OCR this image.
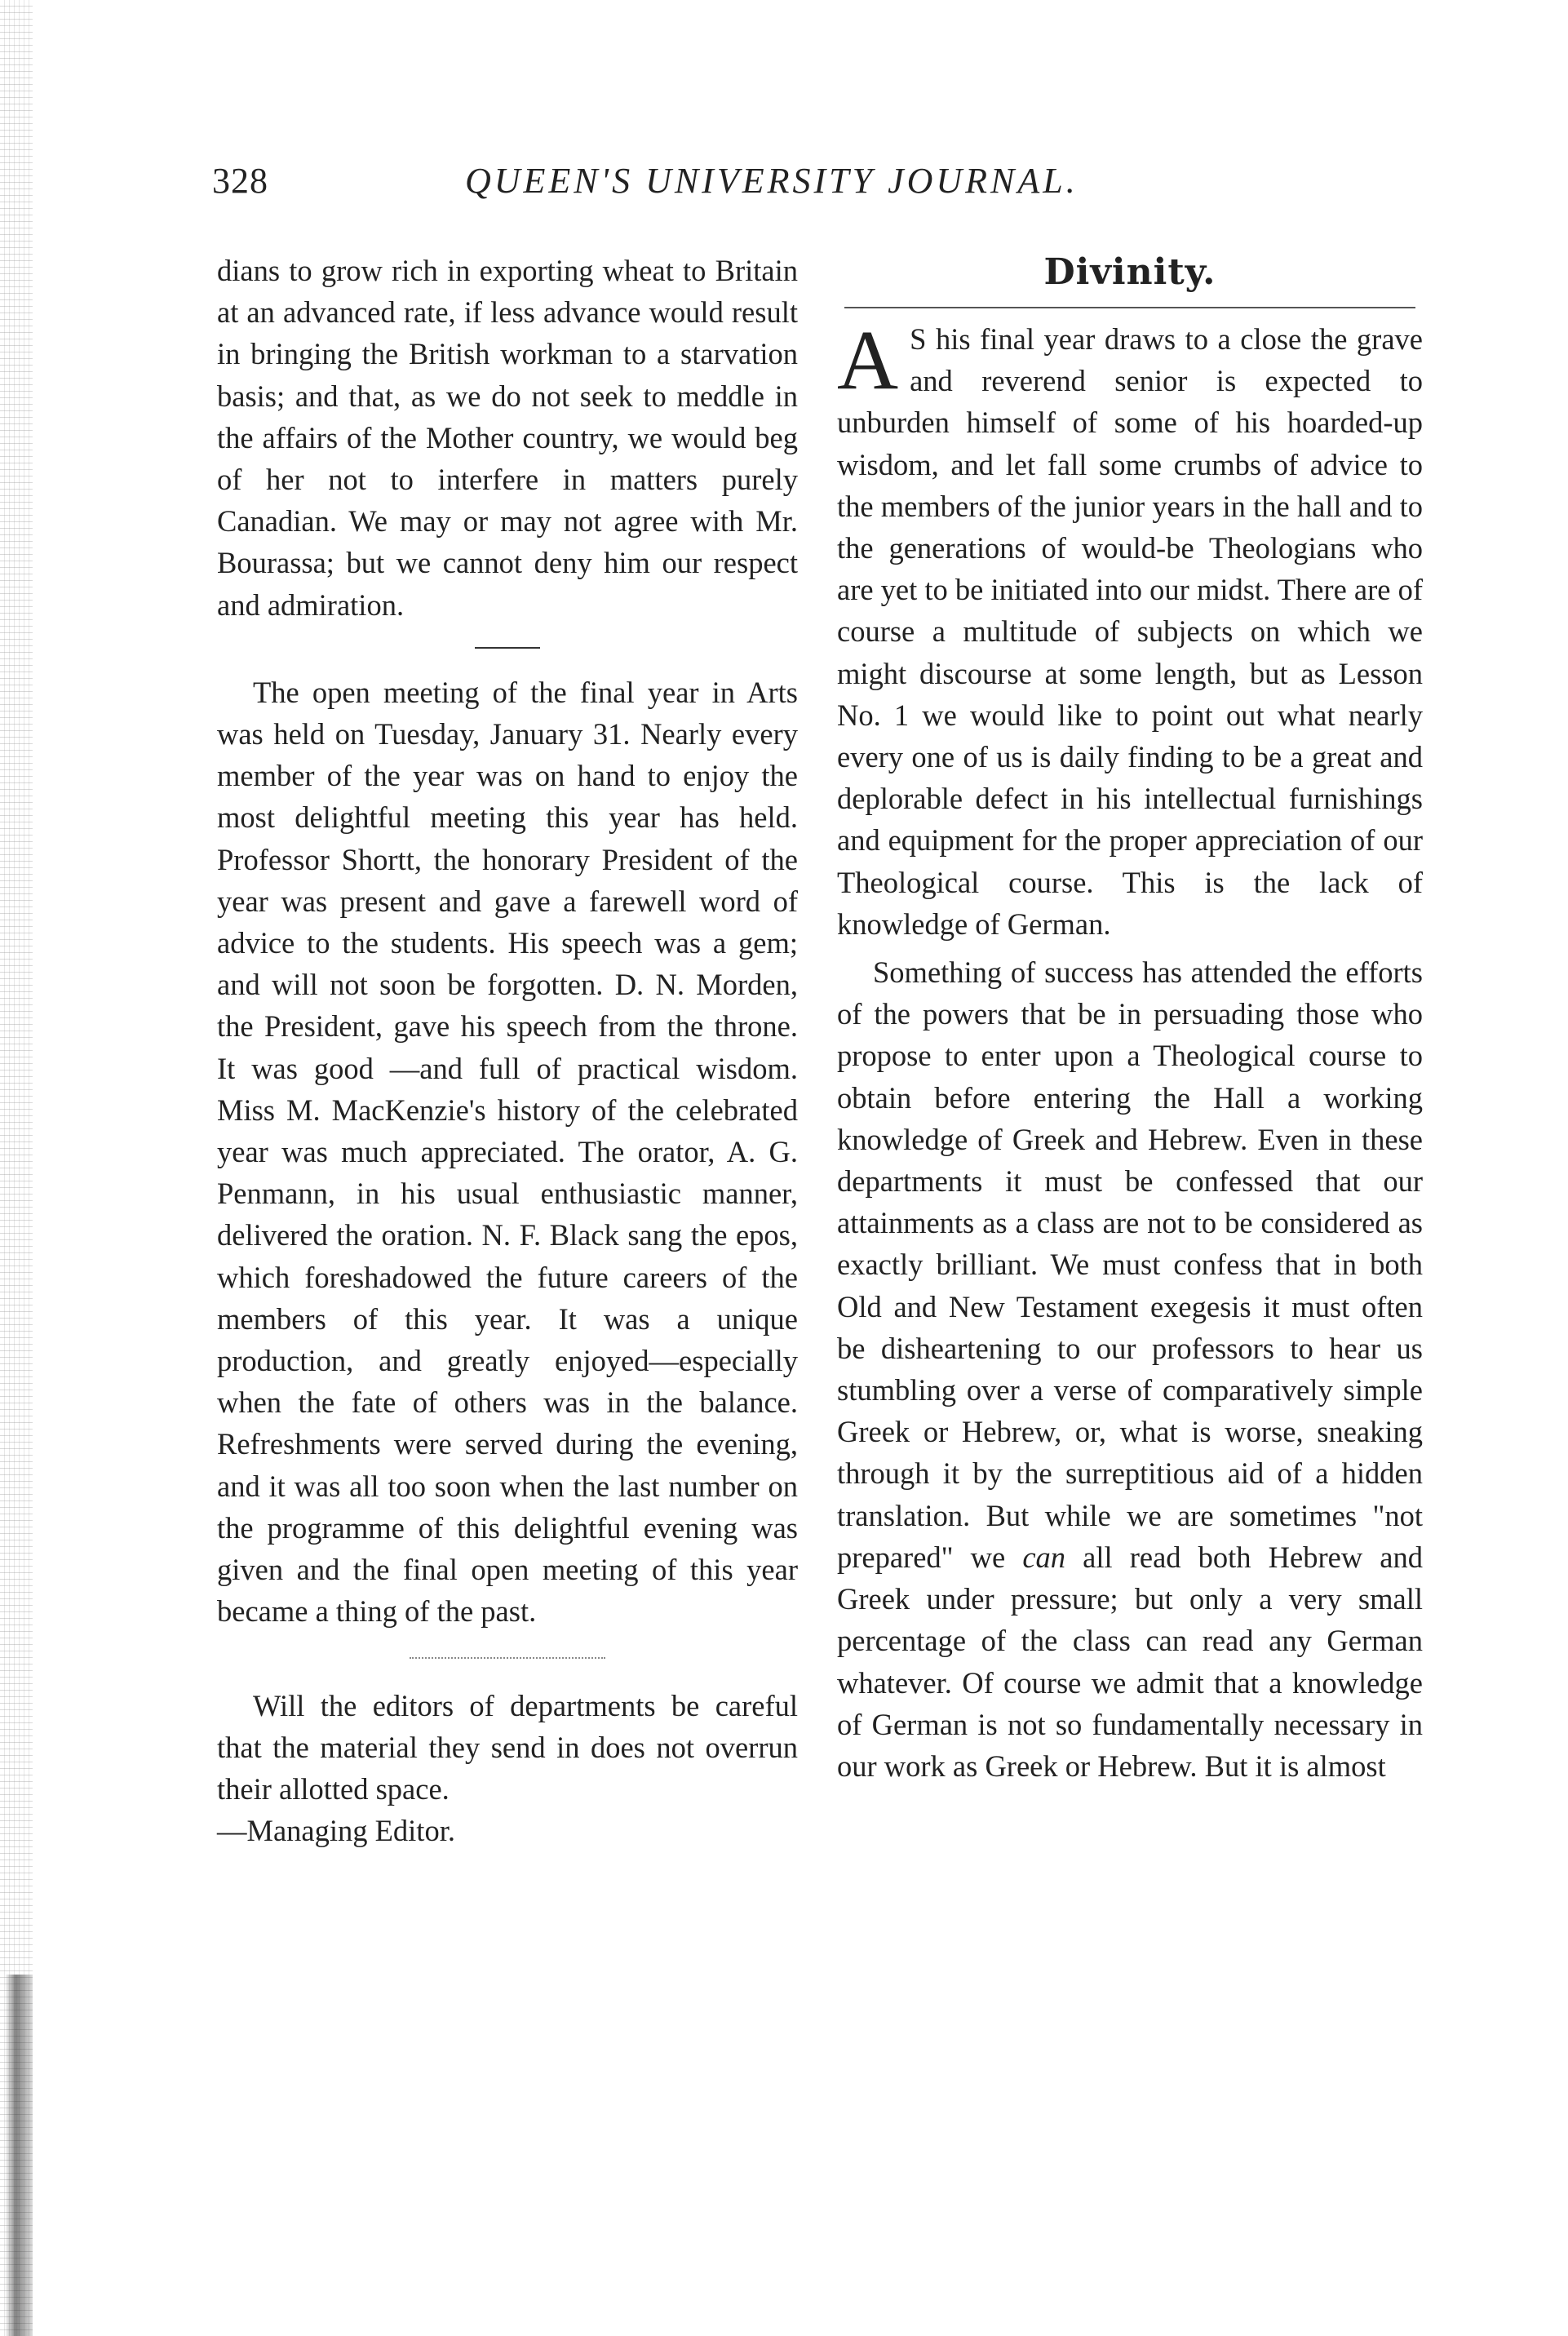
328	QUEEN'S UNIVERSITY JOURNAL.

dians to grow rich in exporting wheat to Britain at an advanced rate, if less advance would result in bringing the British workman to a starvation basis; and that, as we do not seek to meddle in the affairs of the Mother country, we would beg of her not to interfere in matters purely Canadian. We may or may not agree with Mr. Bourassa; but we cannot deny him our respect and admiration.

The open meeting of the final year in Arts was held on Tuesday, January 31. Nearly every member of the year was on hand to enjoy the most delightful meeting this year has held. Professor Shortt, the honorary President of the year was present and gave a farewell word of advice to the students. His speech was a gem; and will not soon be forgotten. D. N. Morden, the President, gave his speech from the throne. It was good —and full of practical wisdom. Miss M. MacKenzie's history of the celebrated year was much appreciated. The orator, A. G. Penmann, in his usual enthusiastic manner, delivered the oration. N. F. Black sang the epos, which foreshadowed the future careers of the members of this year. It was a unique production, and greatly enjoyed—especially when the fate of others was in the balance. Refreshments were served during the evening, and it was all too soon when the last number on the programme of this delightful evening was given and the final open meeting of this year became a thing of the past.

Will the editors of departments be careful that the material they send in does not overrun their allotted space.

—Managing Editor.

Divinity.

A S his final year draws to a close the grave and reverend senior is expected to unburden himself of some of his hoarded-up wisdom, and let fall some crumbs of advice to the members of the junior years in the hall and to the generations of would-be Theologians who are yet to be initiated into our midst. There are of course a multitude of subjects on which we might discourse at some length, but as Lesson No. 1 we would like to point out what nearly every one of us is daily finding to be a great and deplorable defect in his intellectual furnishings and equipment for the proper appreciation of our Theological course. This is the lack of knowledge of German.

Something of success has attended the efforts of the powers that be in persuading those who propose to enter upon a Theological course to obtain before entering the Hall a working knowledge of Greek and Hebrew. Even in these departments it must be confessed that our attainments as a class are not to be considered as exactly brilliant. We must confess that in both Old and New Testament exegesis it must often be disheartening to our professors to hear us stumbling over a verse of comparatively simple Greek or Hebrew, or, what is worse, sneaking through it by the surreptitious aid of a hidden translation. But while we are sometimes "not prepared" we can all read both Hebrew and Greek under pressure; but only a very small percentage of the class can read any German whatever. Of course we admit that a knowledge of German is not so fundamentally necessary in our work as Greek or Hebrew. But it is almost
